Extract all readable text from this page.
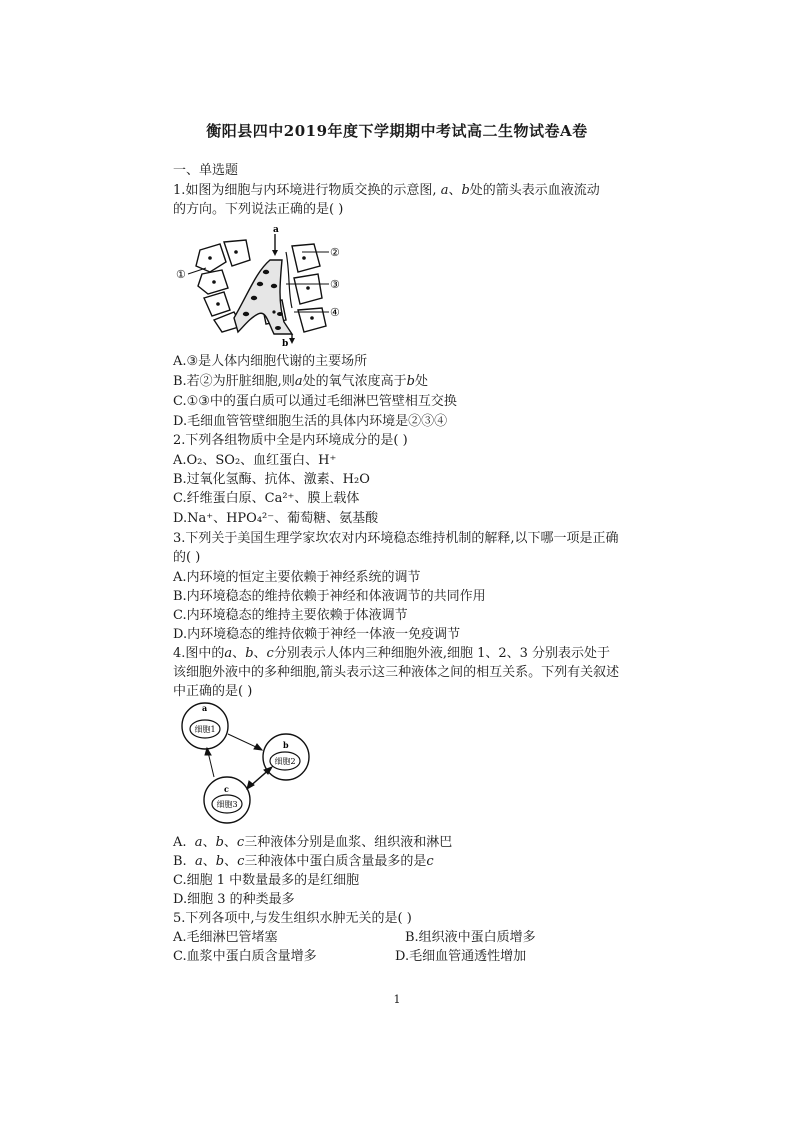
衡阳县四中2019年度下学期期中考试高二生物试卷A卷
一、单选题
1.如图为细胞与内环境进行物质交换的示意图, a、b处的箭头表示血液流动
的方向。下列说法正确的是( )
a
b
①
②
③
④
A.③是人体内细胞代谢的主要场所
B.若②为肝脏细胞,则a处的氧气浓度高于b处
C.①③中的蛋白质可以通过毛细淋巴管壁相互交换
D.毛细血管管壁细胞生活的具体内环境是②③④
2.下列各组物质中全是内环境成分的是( )
A.O₂、SO₂、血红蛋白、H⁺
B.过氧化氢酶、抗体、激素、H₂O
C.纤维蛋白原、Ca²⁺、膜上载体
D.Na⁺、HPO₄²⁻、葡萄糖、氨基酸
3.下列关于美国生理学家坎农对内环境稳态维持机制的解释,以下哪一项是正确
的( )
A.内环境的恒定主要依赖于神经系统的调节
B.内环境稳态的维持依赖于神经和体液调节的共同作用
C.内环境稳态的维持主要依赖于体液调节
D.内环境稳态的维持依赖于神经一体液一免疫调节
4.图中的a、b、c分别表示人体内三种细胞外液,细胞 1、2、3 分别表示处于
该细胞外液中的多种细胞,箭头表示这三种液体之间的相互关系。下列有关叙述
中正确的是( )
a
细胞1
b
细胞2
c
细胞3
A. a、b、c三种液体分别是血浆、组织液和淋巴
B. a、b、c三种液体中蛋白质含量最多的是c
C.细胞 1 中数量最多的是红细胞
D.细胞 3 的种类最多
5.下列各项中,与发生组织水肿无关的是( )
A.毛细淋巴管堵塞	B.组织液中蛋白质增多
C.血浆中蛋白质含量增多	D.毛细血管通透性增加
1
